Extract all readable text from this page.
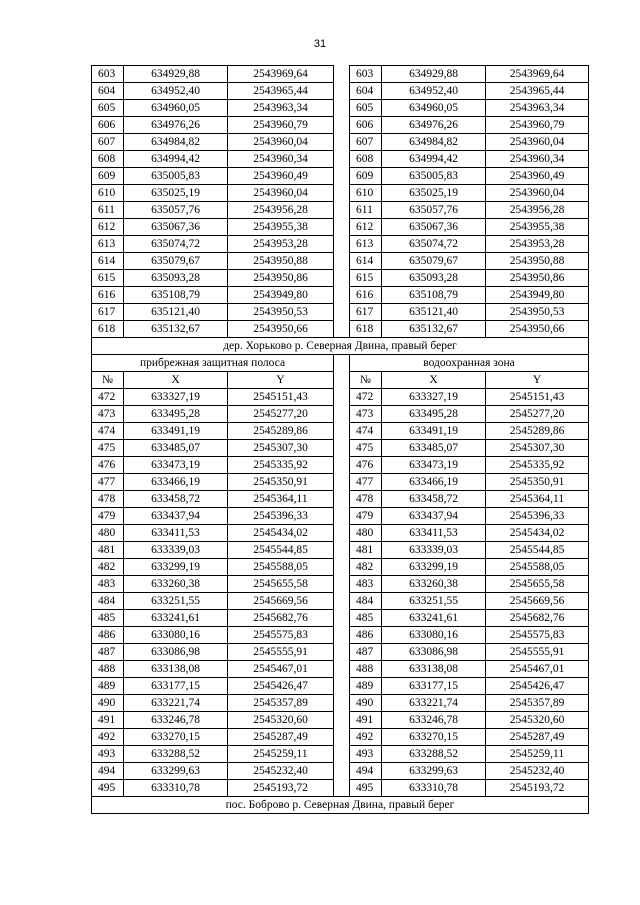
31
603	634929,88	2543969,64		603	634929,88	2543969,64
604	634952,40	2543965,44		604	634952,40	2543965,44
605	634960,05	2543963,34		605	634960,05	2543963,34
606	634976,26	2543960,79		606	634976,26	2543960,79
607	634984,82	2543960,04		607	634984,82	2543960,04
608	634994,42	2543960,34		608	634994,42	2543960,34
609	635005,83	2543960,49		609	635005,83	2543960,49
610	635025,19	2543960,04		610	635025,19	2543960,04
611	635057,76	2543956,28		611	635057,76	2543956,28
612	635067,36	2543955,38		612	635067,36	2543955,38
613	635074,72	2543953,28		613	635074,72	2543953,28
614	635079,67	2543950,88		614	635079,67	2543950,88
615	635093,28	2543950,86		615	635093,28	2543950,86
616	635108,79	2543949,80		616	635108,79	2543949,80
617	635121,40	2543950,53		617	635121,40	2543950,53
618	635132,67	2543950,66		618	635132,67	2543950,66
дер. Хорьково р. Северная Двина, правый берег						
прибрежная защитная полоса				водоохранная зона		
№	X	Y		№	X	Y
472	633327,19	2545151,43		472	633327,19	2545151,43
473	633495,28	2545277,20		473	633495,28	2545277,20
474	633491,19	2545289,86		474	633491,19	2545289,86
475	633485,07	2545307,30		475	633485,07	2545307,30
476	633473,19	2545335,92		476	633473,19	2545335,92
477	633466,19	2545350,91		477	633466,19	2545350,91
478	633458,72	2545364,11		478	633458,72	2545364,11
479	633437,94	2545396,33		479	633437,94	2545396,33
480	633411,53	2545434,02		480	633411,53	2545434,02
481	633339,03	2545544,85		481	633339,03	2545544,85
482	633299,19	2545588,05		482	633299,19	2545588,05
483	633260,38	2545655,58		483	633260,38	2545655,58
484	633251,55	2545669,56		484	633251,55	2545669,56
485	633241,61	2545682,76		485	633241,61	2545682,76
486	633080,16	2545575,83		486	633080,16	2545575,83
487	633086,98	2545555,91		487	633086,98	2545555,91
488	633138,08	2545467,01		488	633138,08	2545467,01
489	633177,15	2545426,47		489	633177,15	2545426,47
490	633221,74	2545357,89		490	633221,74	2545357,89
491	633246,78	2545320,60		491	633246,78	2545320,60
492	633270,15	2545287,49		492	633270,15	2545287,49
493	633288,52	2545259,11		493	633288,52	2545259,11
494	633299,63	2545232,40		494	633299,63	2545232,40
495	633310,78	2545193,72		495	633310,78	2545193,72
пос. Боброво р. Северная Двина, правый берег						
